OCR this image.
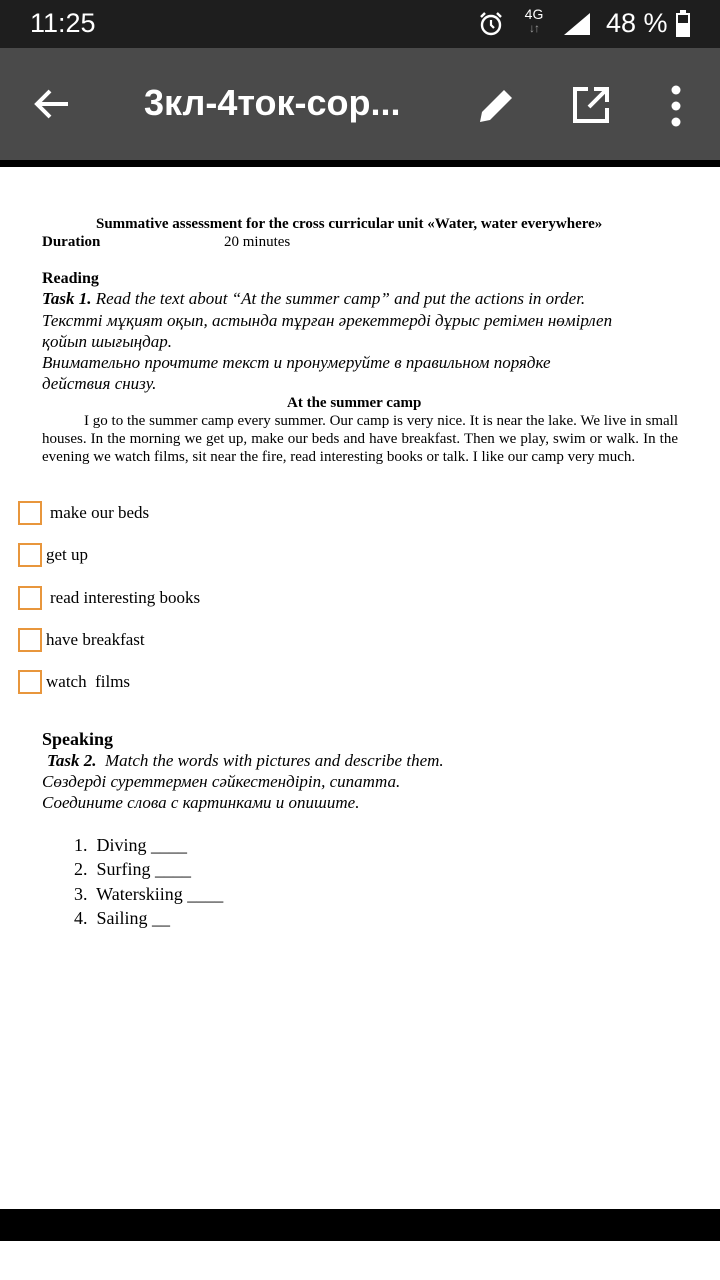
11:25	4G
↓↑ 48 %
3кл-4ток-сор...
Summative assessment for the cross curricular unit «Water, water everywhere»
Duration	20 minutes
Reading
Task 1. Read the text about “At the summer camp” and put the actions in order.
Текстті мұқият оқып, астында тұрған әрекеттерді дұрыс ретімен нөмірлеп
қойып шығыңдар.
Внимательно прочтите текст и пронумеруйте в правильном порядке
действия снизу.
At the summer camp
I go to the summer camp every summer. Our camp is very nice. It is near the lake. We live in small houses. In the morning we get up, make our beds and have breakfast. Then we play, swim or walk. In the evening we watch films, sit near the fire, read interesting books or talk. I like our camp very much.
make our beds
get up
read interesting books
have breakfast
watch  films
Speaking
Task 2. Match the words with pictures and describe them.
Сөздерді суреттермен сәйкестендіріп, сипатта.
Соедините слова с картинками и опишите.
1.  Diving ____
2.  Surfing ____
3.  Waterskiing ____
4.  Sailing __
